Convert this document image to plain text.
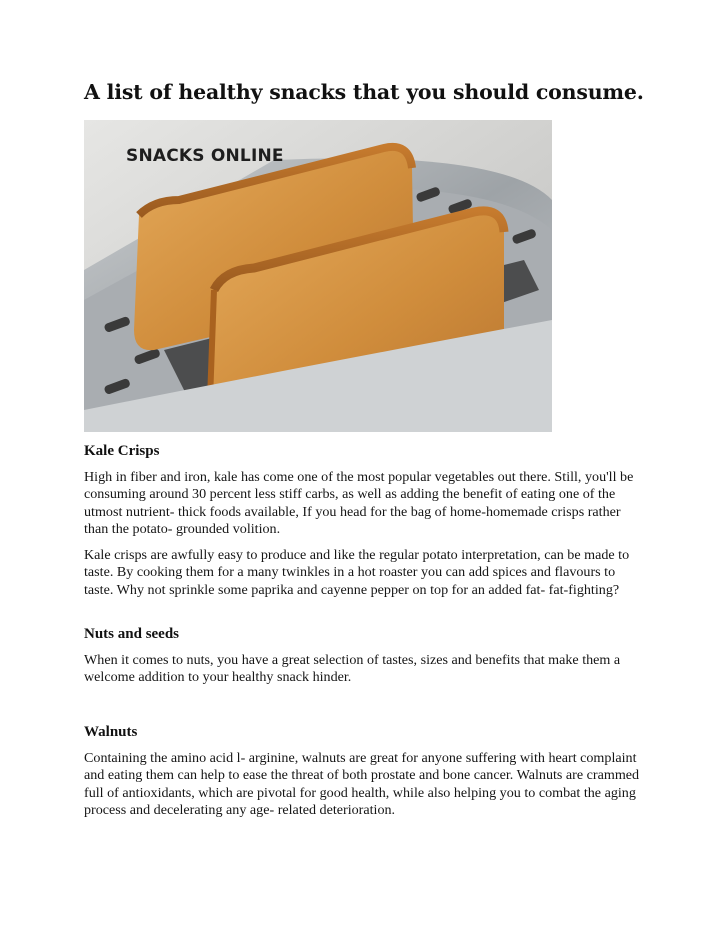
A list of healthy snacks that you should consume.
SNACKS ONLINE
Kale Crisps

High in fiber and iron, kale has come one of the most popular vegetables out there. Still, you'll be consuming around 30 percent less stiff carbs, as well as adding the benefit of eating one of the utmost nutrient- thick foods available, If you head for the bag of home-homemade crisps rather than the potato- grounded volition.

Kale crisps are awfully easy to produce and like the regular potato interpretation, can be made to taste. By cooking them for a many twinkles in a hot roaster you can add spices and flavours to taste. Why not sprinkle some paprika and cayenne pepper on top for an added fat- fat-fighting?

Nuts and seeds

When it comes to nuts, you have a great selection of tastes, sizes and benefits that make them a welcome addition to your healthy snack hinder.

Walnuts

Containing the amino acid l- arginine, walnuts are great for anyone suffering with heart complaint and eating them can help to ease the threat of both prostate and bone cancer. Walnuts are crammed full of antioxidants, which are pivotal for good health, while also helping you to combat the aging process and decelerating any age- related deterioration.
